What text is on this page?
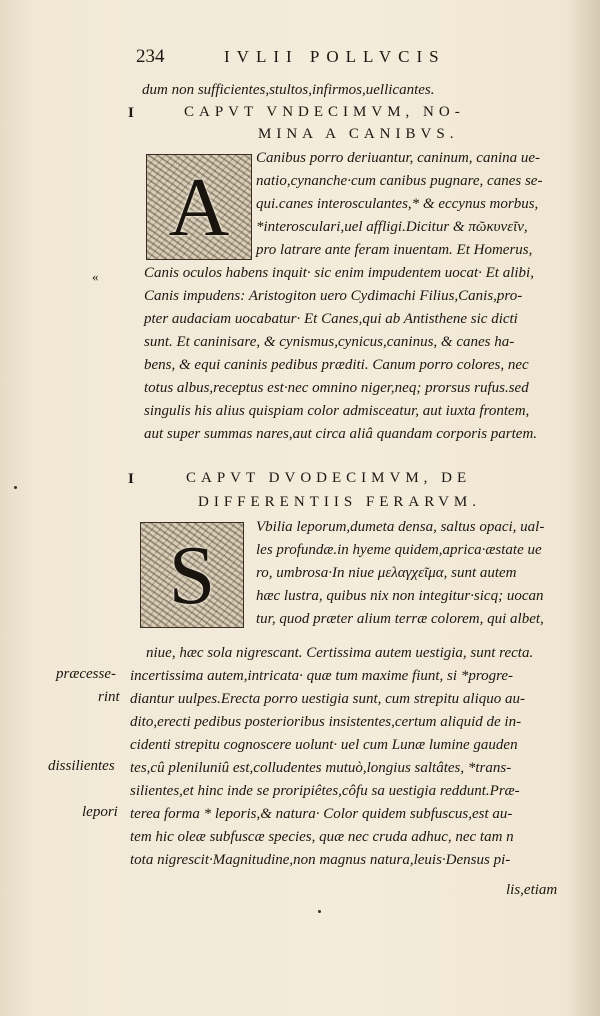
234	IVLII POLLVCIS
dum non sufficientes,stultos,infirmos,uellicantes.
I	CAPVT VNDECIMVM, NO-
MINA A CANIBVS.
A
Canibus porro deriuantur, caninum, canina ue-
natio,cynanche·cum canibus pugnare, canes se-
qui.canes interosculantes,* & eccynus morbus,
*interosculari,uel affligi.Dicitur & πῶκυνεῖν,
pro latrare ante feram inuentam. Et Homerus,
«	Canis oculos habens inquit· sic enim impudentem uocat· Et alibi,
Canis impudens: Aristogiton uero Cydimachi Filius,Canis,pro-
pter audaciam uocabatur· Et Canes,qui ab Antisthene sic dicti
sunt. Et caninisare, & cynismus,cynicus,caninus, & canes ha-
bens, & equi caninis pedibus præditi. Canum porro colores, nec
totus albus,receptus est·nec omnino niger,neq; prorsus rufus.sed
singulis his alius quispiam color admisceatur, aut iuxta frontem,
aut super summas nares,aut circa aliâ quandam corporis partem.
I	CAPVT DVODECIMVM, DE
DIFFERENTIIS FERARVM.
S
Vbilia leporum,dumeta densa, saltus opaci, ual-
les profundæ.in hyeme quidem,aprica·æstate ue
ro, umbrosa·In niue μελαγχεῖμα, sunt autem
hæc lustra, quibus nix non integitur·sicq; uocan
tur, quod præter alium terræ colorem, qui albet,
niue, hæc sola nigrescant. Certissima autem uestigia, sunt recta.
præcesse- incertissima autem,intricata· quæ tum maxime fiunt, si *progre-
rint diantur uulpes.Erecta porro uestigia sunt, cum strepitu aliquo au-
dito,erecti pedibus posterioribus insistentes,certum aliquid de in-
cidenti strepitu cognoscere uolunt· uel cum Lunæ lumine gauden
dissilientes tes,cû pleniluniû est,colludentes mutuò,longius saltâtes, *trans-
silientes,et hinc inde se proripiêtes,côfu sa uestigia reddunt.Præ-
lepori terea forma * leporis,& natura· Color quidem subfuscus,est au-
tem hic oleæ subfuscæ species, quæ nec cruda adhuc, nec tam n
tota nigrescit·Magnitudine,non magnus natura,leuis·Densus pi-
lis,etiam
